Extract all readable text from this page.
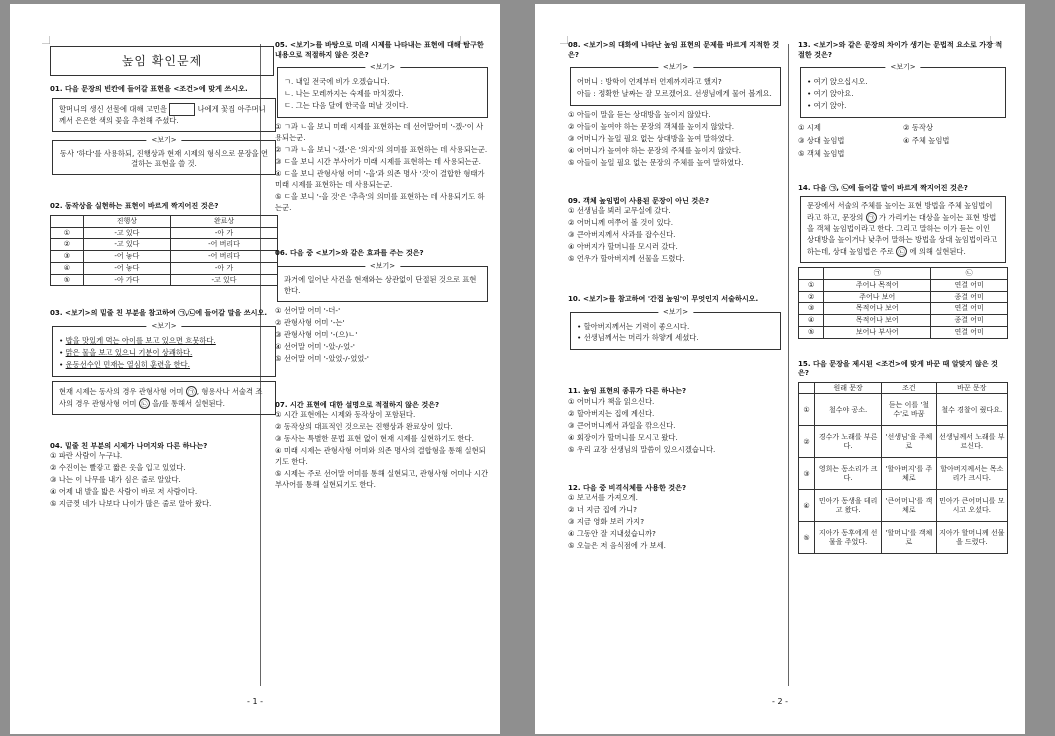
높임 확인문제
01. 다음 문장의 빈칸에 들어갈 표현을 <조건>에 맞게 쓰시오.
할머니의 생신 선물에 대해 고민을	나에게 꽃집 아주머니께서 은은한 색의 꽃을 추천해 주셨다.
<보기>
동사 '하다'를 사용하되, 진행상과 현재 시제의 형식으로 문장을 연결하는 표현을 쓸 것.
02. 동작상을 실현하는 표현이 바르게 짝지어진 것은?
	진행상	완료상
①	-고 있다	-아 가
②	-고 있다	-어 버리다
③	-어 놓다	-어 버리다
④	-어 놓다	-아 가
⑤	-아 가다	-고 있다
03. <보기>의 밑줄 친 부분을 참고하여 ㉠,㉡에 들어갈 말을 쓰시오.
<보기>
• 밥을 맛있게 먹는 아이를 보고 있으면 흐뭇하다.
• 맑은 물을 보고 있으니 기분이 상쾌하다.
• 운동선수인 민재는 열심히 훈련을 한다.
현재 시제는 동사의 경우 관형사형 어미 ㉠ , 형용사나 서술격 조사의 경우 관형사형 어미 ㉡ 을/를 통해서 실현된다.
04. 밑줄 친 부분의 시제가 나머지와 다른 하나는?
① 파란 사람이 누구냐.
② 수진이는 빨갛고 짧은 옷을 입고 있었다.
③ 나는 이 나무를 내가 심은 줄로 알았다.
④ 어제 내 발을 밟은 사람이 바로 저 사람이다.
⑤ 지금껏 네가 나보다 나이가 많은 줄로 알아 왔다.
05. <보기>를 바탕으로 미래 시제를 나타내는 표현에 대해 탐구한 내용으로 적절하지 않은 것은?
<보기>
ㄱ. 내일 전국에 비가 오겠습니다.
ㄴ. 나는 모레까지는 숙제를 마치겠다.
ㄷ. 그는 다음 달에 한국을 떠날 것이다.
① ㄱ과 ㄴ을 보니 미래 시제를 표현하는 데 선어말어미 '-겠-'이 사용되는군.
② ㄱ과 ㄴ을 보니 '-겠-'은 '의지'의 의미를 표현하는 데 사용되는군.
③ ㄷ을 보니 시간 부사어가 미래 시제를 표현하는 데 사용되는군.
④ ㄷ을 보니 관형사형 어미 '-을'과 의존 명사 '것'이 결합한 형태가 미래 시제를 표현하는 데 사용되는군.
⑤ ㄷ을 보니 '-을 것'은 '추측'의 의미를 표현하는 데 사용되기도 하는군.
06. 다음 중 <보기>와 같은 효과를 주는 것은?
<보기>
과거에 일어난 사건을 현재와는 상관없이 단절된 것으로 표현한다.
① 선어말 어미 '-더-'
② 관형사형 어미 '-는'
③ 관형사형 어미 '-(으)ㄴ'
④ 선어말 어미 '-았-/-었-'
⑤ 선어말 어미 '-았었-/-었었-'
07. 시간 표현에 대한 설명으로 적절하지 않은 것은?
① 시간 표현에는 시제와 동작상이 포함된다.
② 동작상의 대표적인 것으로는 진행상과 완료상이 있다.
③ 동사는 특별한 문법 표현 없이 현재 시제를 실현하기도 한다.
④ 미래 시제는 관형사형 어미와 의존 명사의 결합형을 통해 실현되기도 한다.
⑤ 시제는 주로 선어말 어미를 통해 실현되고, 관형사형 어미나 시간 부사어를 통해 실현되기도 한다.
- 1 -
08. <보기>의 대화에 나타난 높임 표현의 문제를 바르게 지적한 것은?
<보기>
어머니 : 방학이 언제부터 언제까지라고 했지?
아들 : 정확한 날짜는 잘 모르겠어요. 선생님에게 물어 볼게요.
① 아들이 말을 듣는 상대방을 높이지 않았다.
② 아들이 높여야 하는 문장의 객체를 높이지 않았다.
③ 어머니가 높일 필요 없는 상대방을 높여 말하였다.
④ 어머니가 높여야 하는 문장의 주체를 높이지 않았다.
⑤ 아들이 높일 필요 없는 문장의 주체를 높여 말하였다.
09. 객체 높임법이 사용된 문장이 아닌 것은?
① 선생님을 뵈러 교무실에 갔다.
② 어머니께 여쭈어 볼 것이 있다.
③ 큰아버지께서 사과를 잡수신다.
④ 아버지가 할머니를 모시러 갔다.
⑤ 언우가 할아버지께 선물을 드렸다.
10. <보기>를 참고하여 '간접 높임'이 무엇인지 서술하시오.
<보기>
• 할아버지께서는 기력이 좋으시다.
• 선생님께서는 머리가 하얗게 세셨다.
11. 높임 표현의 종류가 다른 하나는?
① 어머니가 책을 읽으신다.
② 할아버지는 집에 계신다.
③ 큰어머니께서 과일을 깎으신다.
④ 회장이가 할머니를 모시고 왔다.
⑤ 우리 교장 선생님의 말씀이 있으시겠습니다.
12. 다음 중 비격식체를 사용한 것은?
① 보고서를 가져오게.
② 너 지금 집에 가니?
③ 지금 영화 보러 가지?
④ 그동안 잘 지내셨습니까?
⑤ 오늘은 저 음식점에 가 보세.
13. <보기>와 같은 문장의 차이가 생기는 문법적 요소로 가장 적절한 것은?
<보기>
• 여기 앉으십시오.
• 여기 앉아요.
• 여기 앉아.
① 시제	② 동작상
③ 상대 높임법	④ 주체 높임법
⑤ 객체 높임법
14. 다음 ㉠, ㉡에 들어갈 말이 바르게 짝지어진 것은?
문장에서 서술의 주체를 높이는 표현 방법을 주체 높임법이라고 하고, 문장의 ㉠ 가 가리키는 대상을 높이는 표현 방법을 객체 높임법이라고 한다. 그리고 말하는 이가 듣는 이인 상대방을 높이거나 낮추어 말하는 방법을 상대 높임법이라고 하는데, 상대 높임법은 주로 ㉡ 에 의해 실현된다.
	㉠	㉡
①	주어나 목적어	연결 어미
②	주어나 보어	종결 어미
③	목적어나 보어	연결 어미
④	목적어나 보어	종결 어미
⑤	보어나 부사어	연결 어미
15. 다음 문장을 제시된 <조건>에 맞게 바꾼 때 알맞지 않은 것은?
	원래 문장	조건	바꾼 문장
①	철수야 공소.	듣는 이를 '철수'로 바꿈	철수 경찰이 줬다요.
②	경수가 노래를 부른다.	'선생님'을 주체로	선생님께서 노래를 부르신다.
③	영희는 동소리가 크다.	'할아버지'를 주체로	할아버지께서는 목소리가 크시다.
④	민아가 동생을 데리고 왔다.	'큰어머니'를 객체로	민아가 큰어머니를 모시고 오셨다.
⑤	지아가 동후에게 선물을 주었다.	'할머니'를 객체로	지아가 할머니께 선물을 드렸다.
- 2 -
